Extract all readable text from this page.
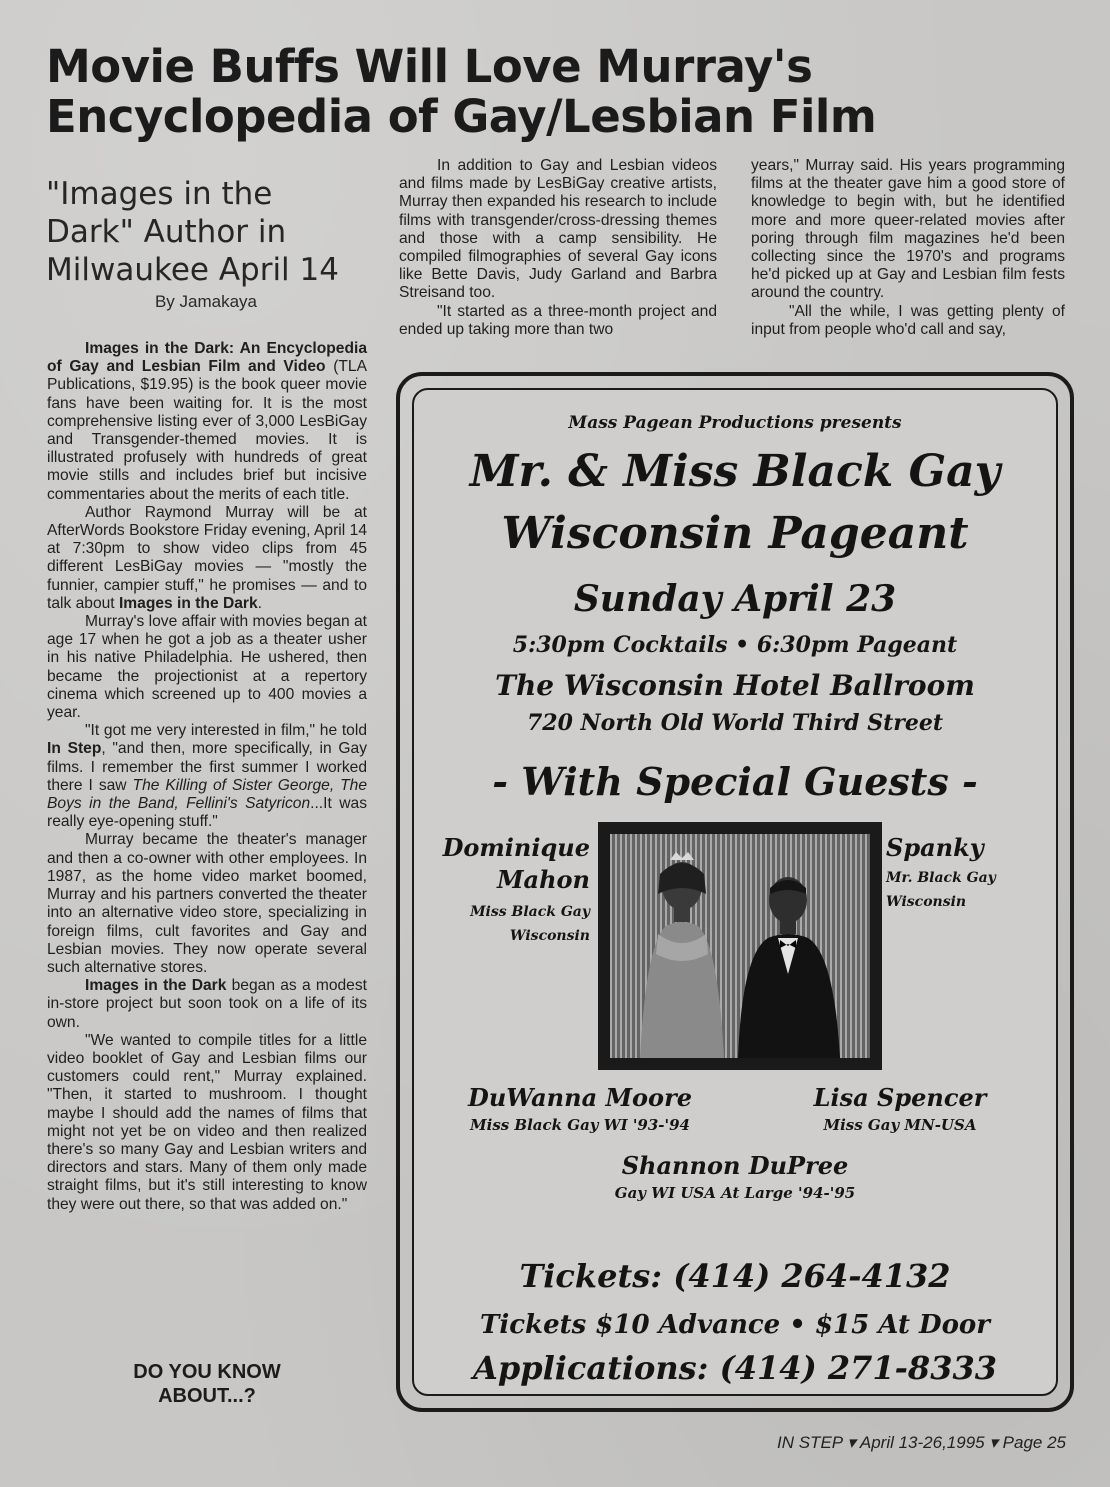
Movie Buffs Will Love Murray's
Encyclopedia of Gay/Lesbian Film
"Images in the
Dark" Author in
Milwaukee April 14
By Jamakaya

Images in the Dark: An Encyclopedia of Gay and Lesbian Film and Video (TLA Publications, $19.95) is the book queer movie fans have been waiting for. It is the most comprehensive listing ever of 3,000 LesBiGay and Transgender-themed movies. It is illustrated profusely with hundreds of great movie stills and includes brief but incisive commentaries about the merits of each title.

Author Raymond Murray will be at AfterWords Bookstore Friday evening, April 14 at 7:30pm to show video clips from 45 different LesBiGay movies — "mostly the funnier, campier stuff," he promises — and to talk about Images in the Dark.

Murray's love affair with movies began at age 17 when he got a job as a theater usher in his native Philadelphia. He ushered, then became the projectionist at a repertory cinema which screened up to 400 movies a year.

"It got me very interested in film," he told In Step, "and then, more specifically, in Gay films. I remember the first summer I worked there I saw The Killing of Sister George, The Boys in the Band, Fellini's Satyricon...It was really eye-opening stuff."

Murray became the theater's manager and then a co-owner with other employees. In 1987, as the home video market boomed, Murray and his partners converted the theater into an alternative video store, specializing in foreign films, cult favorites and Gay and Lesbian movies. They now operate several such alternative stores.

Images in the Dark began as a modest in-store project but soon took on a life of its own.

"We wanted to compile titles for a little video booklet of Gay and Lesbian films our customers could rent," Murray explained. "Then, it started to mushroom. I thought maybe I should add the names of films that might not yet be on video and then realized there's so many Gay and Lesbian writers and directors and stars. Many of them only made straight films, but it's still interesting to know they were out there, so that was added on."

DO YOU KNOW
ABOUT...?

In addition to Gay and Lesbian videos and films made by LesBiGay creative artists, Murray then expanded his research to include films with transgender/cross-dressing themes and those with a camp sensibility. He compiled filmographies of several Gay icons like Bette Davis, Judy Garland and Barbra Streisand too.

"It started as a three-month project and ended up taking more than two

years," Murray said. His years programming films at the theater gave him a good store of knowledge to begin with, but he identified more and more queer-related movies after poring through film magazines he'd been collecting since the 1970's and programs he'd picked up at Gay and Lesbian film fests around the country.

"All the while, I was getting plenty of input from people who'd call and say,

Mass Pagean Productions presents
Mr. & Miss Black Gay
Wisconsin Pageant
Sunday April 23
5:30pm Cocktails • 6:30pm Pageant
The Wisconsin Hotel Ballroom
720 North Old World Third Street
- With Special Guests -
Dominique
Mahon
Miss Black Gay
Wisconsin
Spanky
Mr. Black Gay
Wisconsin
DuWanna Moore
Miss Black Gay WI '93-'94
Lisa Spencer
Miss Gay MN-USA
Shannon DuPree
Gay WI USA At Large '94-'95
Tickets: (414) 264-4132
Tickets $10 Advance • $15 At Door
Applications: (414) 271-8333
IN STEP ▾ April 13-26,1995 ▾ Page 25
